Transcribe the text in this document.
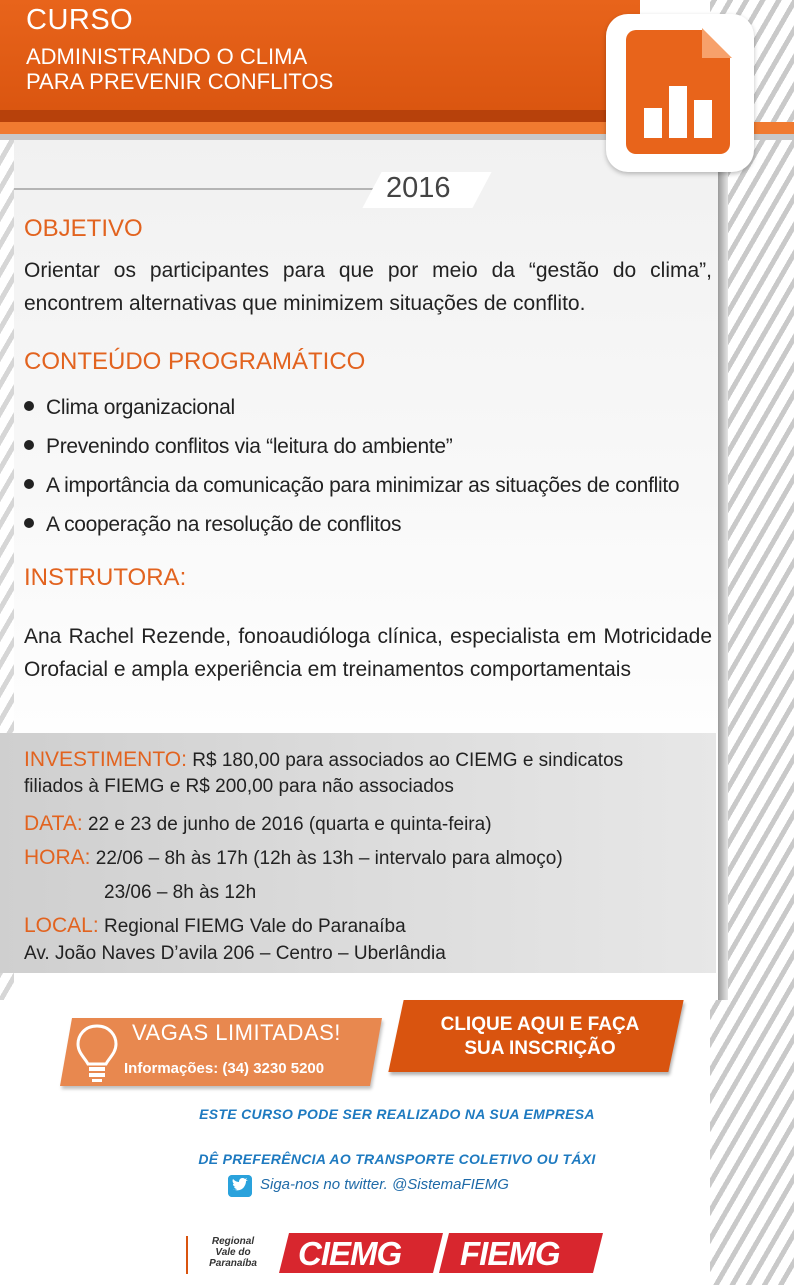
CURSO
ADMINISTRANDO O CLIMA
PARA PREVENIR CONFLITOS
2016
OBJETIVO
Orientar os participantes para que por meio da “gestão do clima”,
encontrem alternativas que minimizem situações de conflito.
CONTEÚDO PROGRAMÁTICO
Clima organizacional
Prevenindo conflitos via “leitura do ambiente”
A importância da comunicação para minimizar as situações de conflito
A cooperação na resolução de conflitos
INSTRUTORA:
Ana Rachel Rezende, fonoaudióloga clínica, especialista em Motricidade
Orofacial e ampla experiência em treinamentos comportamentais
INVESTIMENTO: R$ 180,00 para associados ao CIEMG e sindicatos
filiados à FIEMG e R$ 200,00 para não associados
DATA: 22 e 23 de junho de 2016 (quarta e quinta-feira)
HORA: 22/06 – 8h às 17h (12h às 13h – intervalo para almoço)
23/06 – 8h às 12h
LOCAL: Regional FIEMG Vale do Paranaíba
Av. João Naves D’avila 206 – Centro – Uberlândia
VAGAS LIMITADAS!
Informações: (34) 3230 5200
CLIQUE AQUI E FAÇA
SUA INSCRIÇÃO
ESTE CURSO PODE SER REALIZADO NA SUA EMPRESA
DÊ PREFERÊNCIA AO TRANSPORTE COLETIVO OU TÁXI
Siga-nos no twitter. @SistemaFIEMG
Regional
Vale do
Paranaíba	CIEMG FIEMG
